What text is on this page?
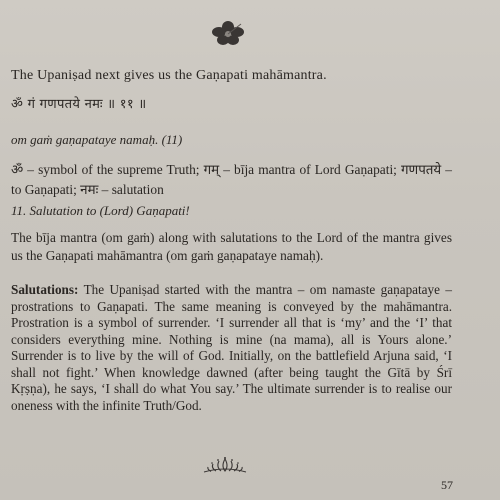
The Upaniṣad next gives us the Gaṇapati mahāmantra.

ॐ गं गणपतये नमः ॥ ११ ॥

om gaṁ gaṇapataye namaḥ. (11)

ॐ – symbol of the supreme Truth; गम् – bīja mantra of Lord Gaṇapati; गणपतये – to Gaṇapati; नमः – salutation

11. Salutation to (Lord) Gaṇapati!

The bīja mantra (om gaṁ) along with salutations to the Lord of the mantra gives us the Gaṇapati mahāmantra (om gaṁ gaṇapataye namaḥ).

Salutations: The Upaniṣad started with the mantra – om namaste gaṇapataye – prostrations to Gaṇapati. The same meaning is conveyed by the mahāmantra. Prostration is a symbol of surrender. ‘I surrender all that is ‘my’ and the ‘I’ that considers everything mine. Nothing is mine (na mama), all is Yours alone.’ Surrender is to live by the will of God. Initially, on the battlefield Arjuna said, ‘I shall not fight.’ When knowledge dawned (after being taught the Gītā by Śrī Kṛṣṇa), he says, ‘I shall do what You say.’ The ultimate surrender is to realise our oneness with the infinite Truth/God.

57
